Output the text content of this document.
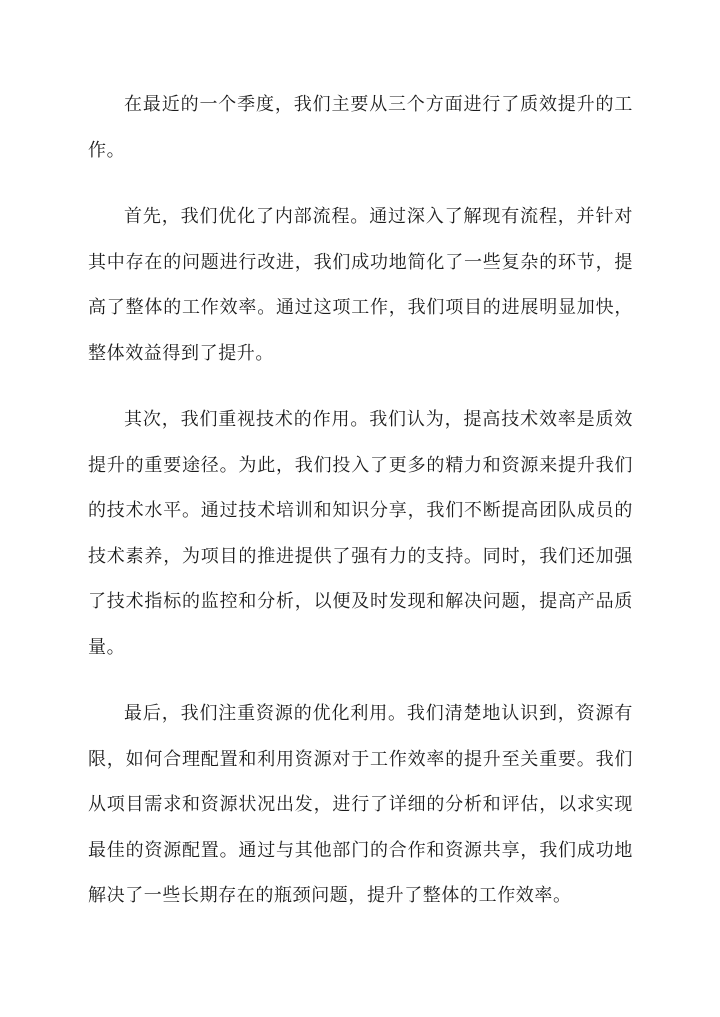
在最近的一个季度，我们主要从三个方面进行了质效提升的工作。

首先，我们优化了内部流程。通过深入了解现有流程，并针对其中存在的问题进行改进，我们成功地简化了一些复杂的环节，提高了整体的工作效率。通过这项工作，我们项目的进展明显加快，整体效益得到了提升。

其次，我们重视技术的作用。我们认为，提高技术效率是质效提升的重要途径。为此，我们投入了更多的精力和资源来提升我们的技术水平。通过技术培训和知识分享，我们不断提高团队成员的技术素养，为项目的推进提供了强有力的支持。同时，我们还加强了技术指标的监控和分析，以便及时发现和解决问题，提高产品质量。

最后，我们注重资源的优化利用。我们清楚地认识到，资源有限，如何合理配置和利用资源对于工作效率的提升至关重要。我们从项目需求和资源状况出发，进行了详细的分析和评估，以求实现最佳的资源配置。通过与其他部门的合作和资源共享，我们成功地解决了一些长期存在的瓶颈问题，提升了整体的工作效率。
